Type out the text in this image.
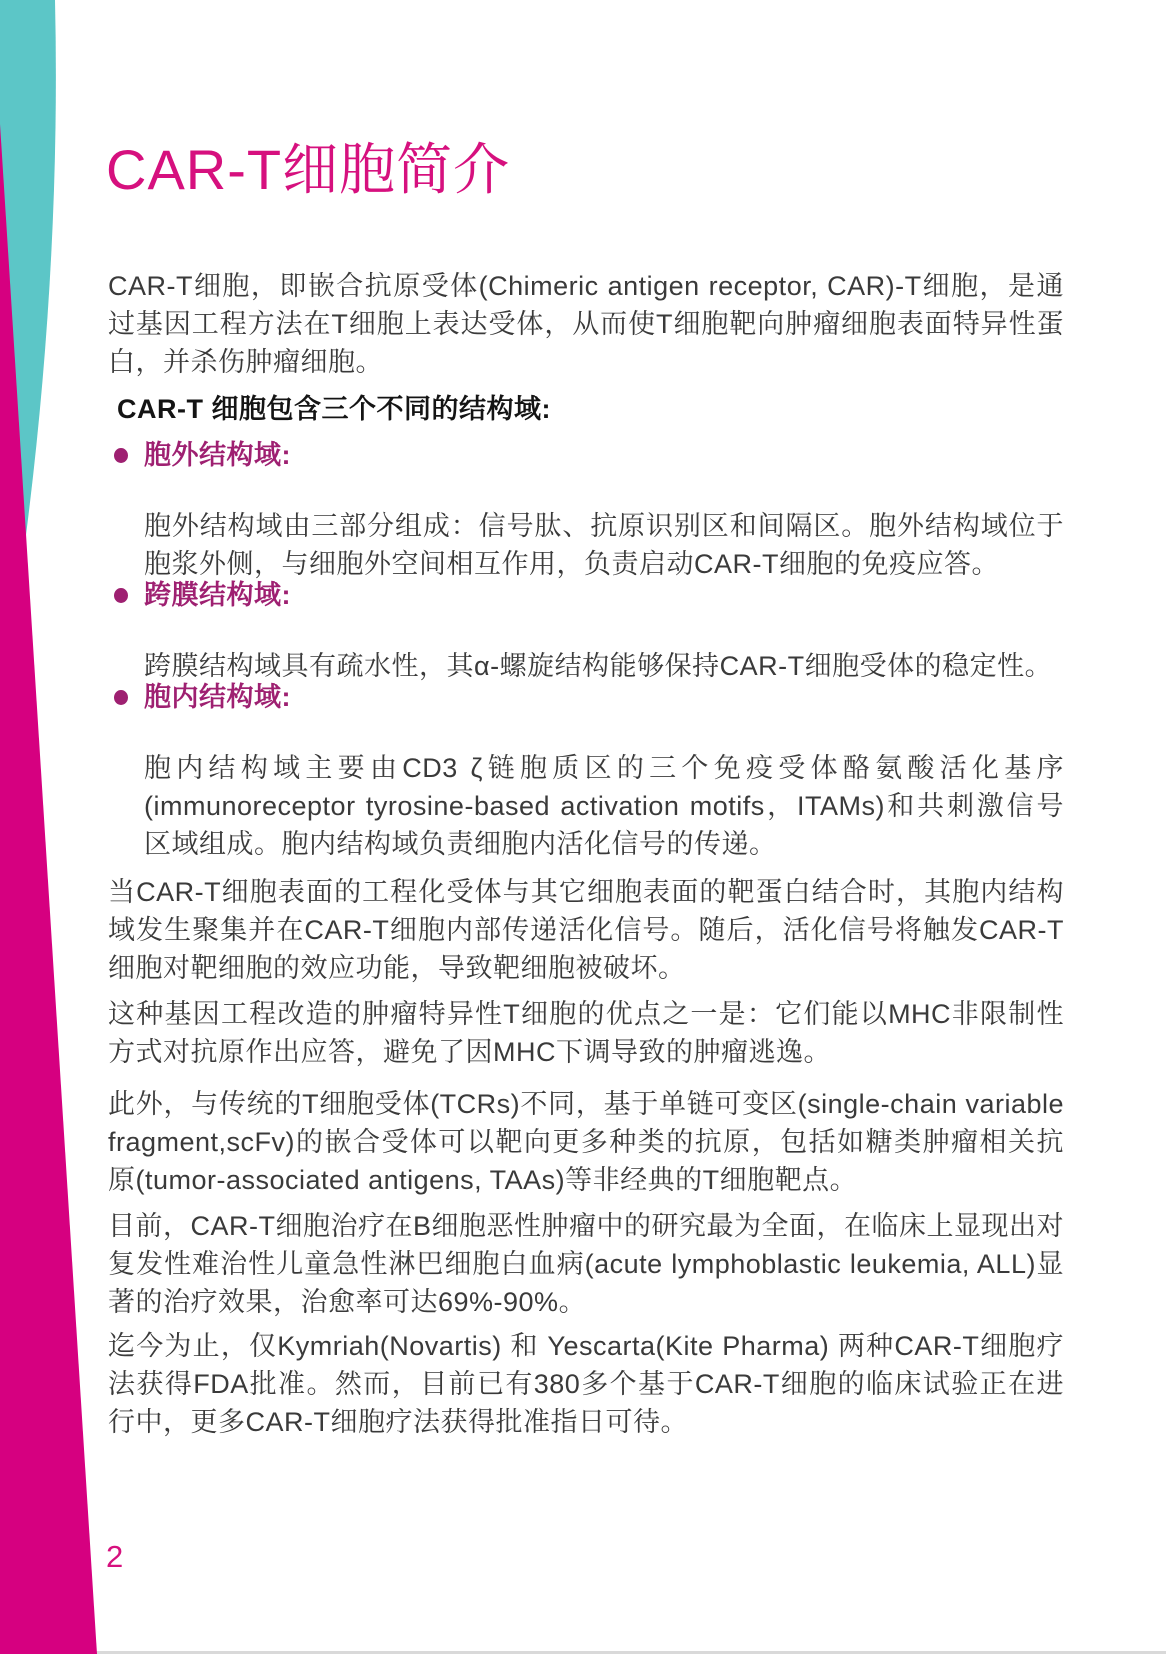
CAR-T细胞简介

CAR-T细胞，即嵌合抗原受体(Chimeric antigen receptor, CAR)-T细胞，是通过基因工程方法在T细胞上表达受体，从而使T细胞靶向肿瘤细胞表面特异性蛋白，并杀伤肿瘤细胞。

CAR-T 细胞包含三个不同的结构域:
胞外结构域:

胞外结构域由三部分组成：信号肽、抗原识别区和间隔区。胞外结构域位于胞浆外侧，与细胞外空间相互作用，负责启动CAR-T细胞的免疫应答。

跨膜结构域:

跨膜结构域具有疏水性，其α-螺旋结构能够保持CAR-T细胞受体的稳定性。

胞内结构域:

胞内结构域主要由CD3 ζ链胞质区的三个免疫受体酪氨酸活化基序(immunoreceptor tyrosine-based activation motifs，ITAMs)和共刺激信号区域组成。胞内结构域负责细胞内活化信号的传递。

当CAR-T细胞表面的工程化受体与其它细胞表面的靶蛋白结合时，其胞内结构域发生聚集并在CAR-T细胞内部传递活化信号。随后，活化信号将触发CAR-T细胞对靶细胞的效应功能，导致靶细胞被破坏。

这种基因工程改造的肿瘤特异性T细胞的优点之一是：它们能以MHC非限制性方式对抗原作出应答，避免了因MHC下调导致的肿瘤逃逸。

此外，与传统的T细胞受体(TCRs)不同，基于单链可变区(single-chain variable fragment,scFv)的嵌合受体可以靶向更多种类的抗原，包括如糖类肿瘤相关抗原(tumor-associated antigens, TAAs)等非经典的T细胞靶点。

目前，CAR-T细胞治疗在B细胞恶性肿瘤中的研究最为全面，在临床上显现出对复发性难治性儿童急性淋巴细胞白血病(acute lymphoblastic leukemia, ALL)显著的治疗效果，治愈率可达69%-90%。

迄今为止，仅Kymriah(Novartis) 和 Yescarta(Kite Pharma) 两种CAR-T细胞疗法获得FDA批准。然而，目前已有380多个基于CAR-T细胞的临床试验正在进行中，更多CAR-T细胞疗法获得批准指日可待。

2
